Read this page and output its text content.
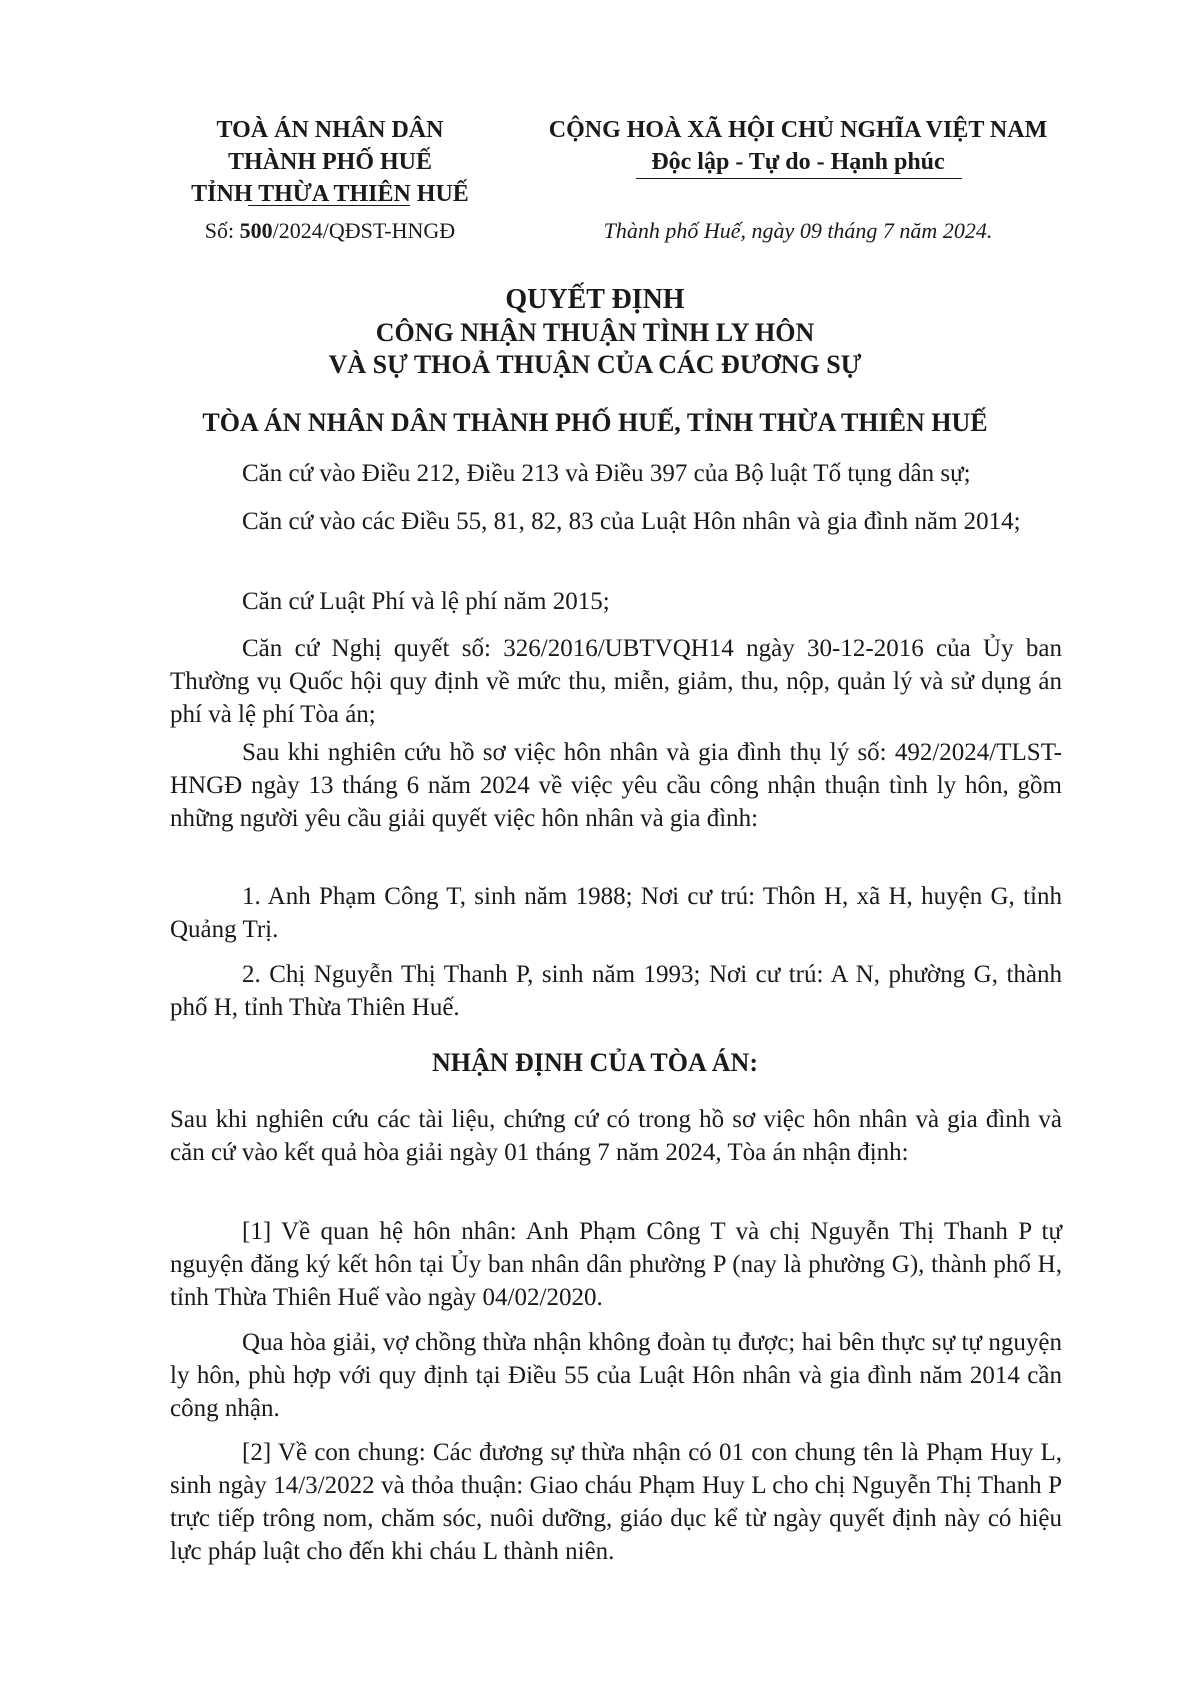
TOÀ ÁN NHÂN DÂN
THÀNH PHỐ HUẾ
TỈNH THỪA THIÊN HUẾ
Số: 500/2024/QĐST-HNGĐ
CỘNG HOÀ XÃ HỘI CHỦ NGHĨA VIỆT NAM
Độc lập - Tự do - Hạnh phúc
Thành phố Huế, ngày 09 tháng 7 năm 2024.
QUYẾT ĐỊNH
CÔNG NHẬN THUẬN TÌNH LY HÔN
VÀ SỰ THOẢ THUẬN CỦA CÁC ĐƯƠNG SỰ
TÒA ÁN NHÂN DÂN THÀNH PHỐ HUẾ, TỈNH THỪA THIÊN HUẾ

Căn cứ vào Điều 212, Điều 213 và Điều 397 của Bộ luật Tố tụng dân sự;

Căn cứ vào các Điều 55, 81, 82, 83 của Luật Hôn nhân và gia đình năm 2014;

Căn cứ Luật Phí và lệ phí năm 2015;

Căn cứ Nghị quyết số: 326/2016/UBTVQH14 ngày 30-12-2016 của Ủy ban Thường vụ Quốc hội quy định về mức thu, miễn, giảm, thu, nộp, quản lý và sử dụng án phí và lệ phí Tòa án;

Sau khi nghiên cứu hồ sơ việc hôn nhân và gia đình thụ lý số: 492/2024/TLST-HNGĐ ngày 13 tháng 6 năm 2024 về việc yêu cầu công nhận thuận tình ly hôn, gồm những người yêu cầu giải quyết việc hôn nhân và gia đình:

1. Anh Phạm Công T, sinh năm 1988; Nơi cư trú: Thôn H, xã H, huyện G, tỉnh Quảng Trị.

2. Chị Nguyễn Thị Thanh P, sinh năm 1993; Nơi cư trú: A N, phường G, thành phố H, tỉnh Thừa Thiên Huế.

NHẬN ĐỊNH CỦA TÒA ÁN:

Sau khi nghiên cứu các tài liệu, chứng cứ có trong hồ sơ việc hôn nhân và gia đình và căn cứ vào kết quả hòa giải ngày 01 tháng 7 năm 2024, Tòa án nhận định:

[1] Về quan hệ hôn nhân: Anh Phạm Công T và chị Nguyễn Thị Thanh P tự nguyện đăng ký kết hôn tại Ủy ban nhân dân phường P (nay là phường G), thành phố H, tỉnh Thừa Thiên Huế vào ngày 04/02/2020.

Qua hòa giải, vợ chồng thừa nhận không đoàn tụ được; hai bên thực sự tự nguyện ly hôn, phù hợp với quy định tại Điều 55 của Luật Hôn nhân và gia đình năm 2014 cần công nhận.

[2] Về con chung: Các đương sự thừa nhận có 01 con chung tên là Phạm Huy L, sinh ngày 14/3/2022 và thỏa thuận: Giao cháu Phạm Huy L cho chị Nguyễn Thị Thanh P trực tiếp trông nom, chăm sóc, nuôi dưỡng, giáo dục kể từ ngày quyết định này có hiệu lực pháp luật cho đến khi cháu L thành niên.
